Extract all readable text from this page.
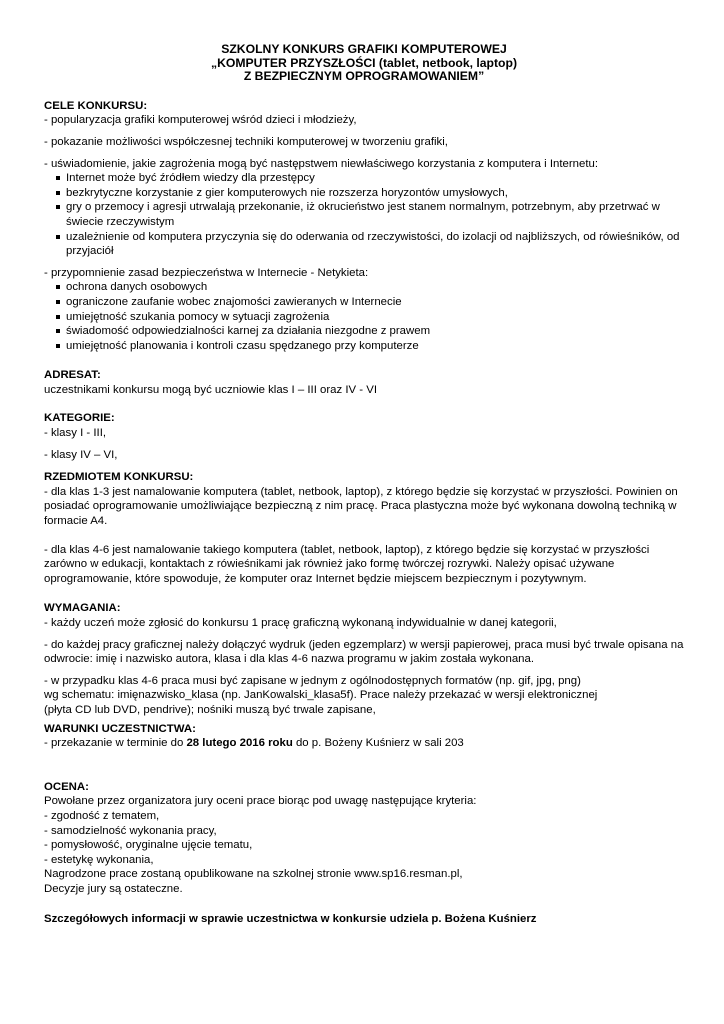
SZKOLNY KONKURS GRAFIKI KOMPUTEROWEJ
„KOMPUTER PRZYSZŁOŚCI (tablet, netbook, laptop)
Z BEZPIECZNYM OPROGRAMOWANIEM”
CELE KONKURSU:

- popularyzacja grafiki komputerowej wśród dzieci i młodzieży,

- pokazanie możliwości współczesnej techniki komputerowej w tworzeniu grafiki,

- uświadomienie, jakie zagrożenia mogą być następstwem niewłaściwego korzystania z komputera i Internetu:

Internet może być źródłem wiedzy dla przestępcy
bezkrytyczne korzystanie z gier komputerowych nie rozszerza horyzontów umysłowych,
gry o przemocy i agresji utrwalają przekonanie, iż okrucieństwo jest stanem normalnym, potrzebnym, aby przetrwać w świecie rzeczywistym
uzależnienie od komputera przyczynia się do oderwania od rzeczywistości, do izolacji od najbliższych, od rówieśników, od przyjaciół

- przypomnienie zasad bezpieczeństwa w Internecie - Netykieta:

ochrona danych osobowych
ograniczone zaufanie wobec znajomości zawieranych w Internecie
umiejętność szukania pomocy w sytuacji zagrożenia
świadomość odpowiedzialności karnej za działania niezgodne z prawem
umiejętność planowania i kontroli czasu spędzanego przy komputerze
ADRESAT:

uczestnikami konkursu mogą być uczniowie klas I – III oraz IV - VI

KATEGORIE:

- klasy I - III,

- klasy IV – VI,

RZEDMIOTEM KONKURSU:

- dla klas 1-3 jest namalowanie komputera (tablet, netbook, laptop), z którego będzie się korzystać w przyszłości. Powinien on posiadać oprogramowanie umożliwiające bezpieczną z nim pracę. Praca plastyczna może być wykonana dowolną techniką w formacie A4.

- dla klas 4-6 jest namalowanie takiego komputera (tablet, netbook, laptop), z którego będzie się korzystać w przyszłości zarówno w edukacji, kontaktach z rówieśnikami jak również jako formę twórczej rozrywki. Należy opisać używane oprogramowanie, które spowoduje, że komputer oraz Internet będzie miejscem bezpiecznym i pozytywnym.

WYMAGANIA:

- każdy uczeń może zgłosić do konkursu 1 pracę graficzną wykonaną indywidualnie w danej kategorii,

- do każdej pracy graficznej należy dołączyć wydruk (jeden egzemplarz) w wersji papierowej, praca musi być trwale opisana na odwrocie: imię i nazwisko autora, klasa i dla klas 4-6 nazwa programu w jakim została wykonana.

- w przypadku klas 4-6 praca musi być zapisane w jednym z ogólnodostępnych formatów (np. gif, jpg, png)

wg schematu: imięnazwisko_klasa (np. JanKowalski_klasa5f). Prace należy przekazać w wersji elektronicznej

(płyta CD lub DVD, pendrive); nośniki muszą być trwale zapisane,

WARUNKI UCZESTNICTWA:

- przekazanie w terminie do 28 lutego 2016 roku do p. Bożeny Kuśnierz w sali 203

OCENA:

Powołane przez organizatora jury oceni prace biorąc pod uwagę następujące kryteria:

- zgodność z tematem,

- samodzielność wykonania pracy,

- pomysłowość, oryginalne ujęcie tematu,

- estetykę wykonania,

Nagrodzone prace zostaną opublikowane na szkolnej stronie www.sp16.resman.pl,

Decyzje jury są ostateczne.

Szczegółowych informacji w sprawie uczestnictwa w konkursie udziela p. Bożena Kuśnierz
